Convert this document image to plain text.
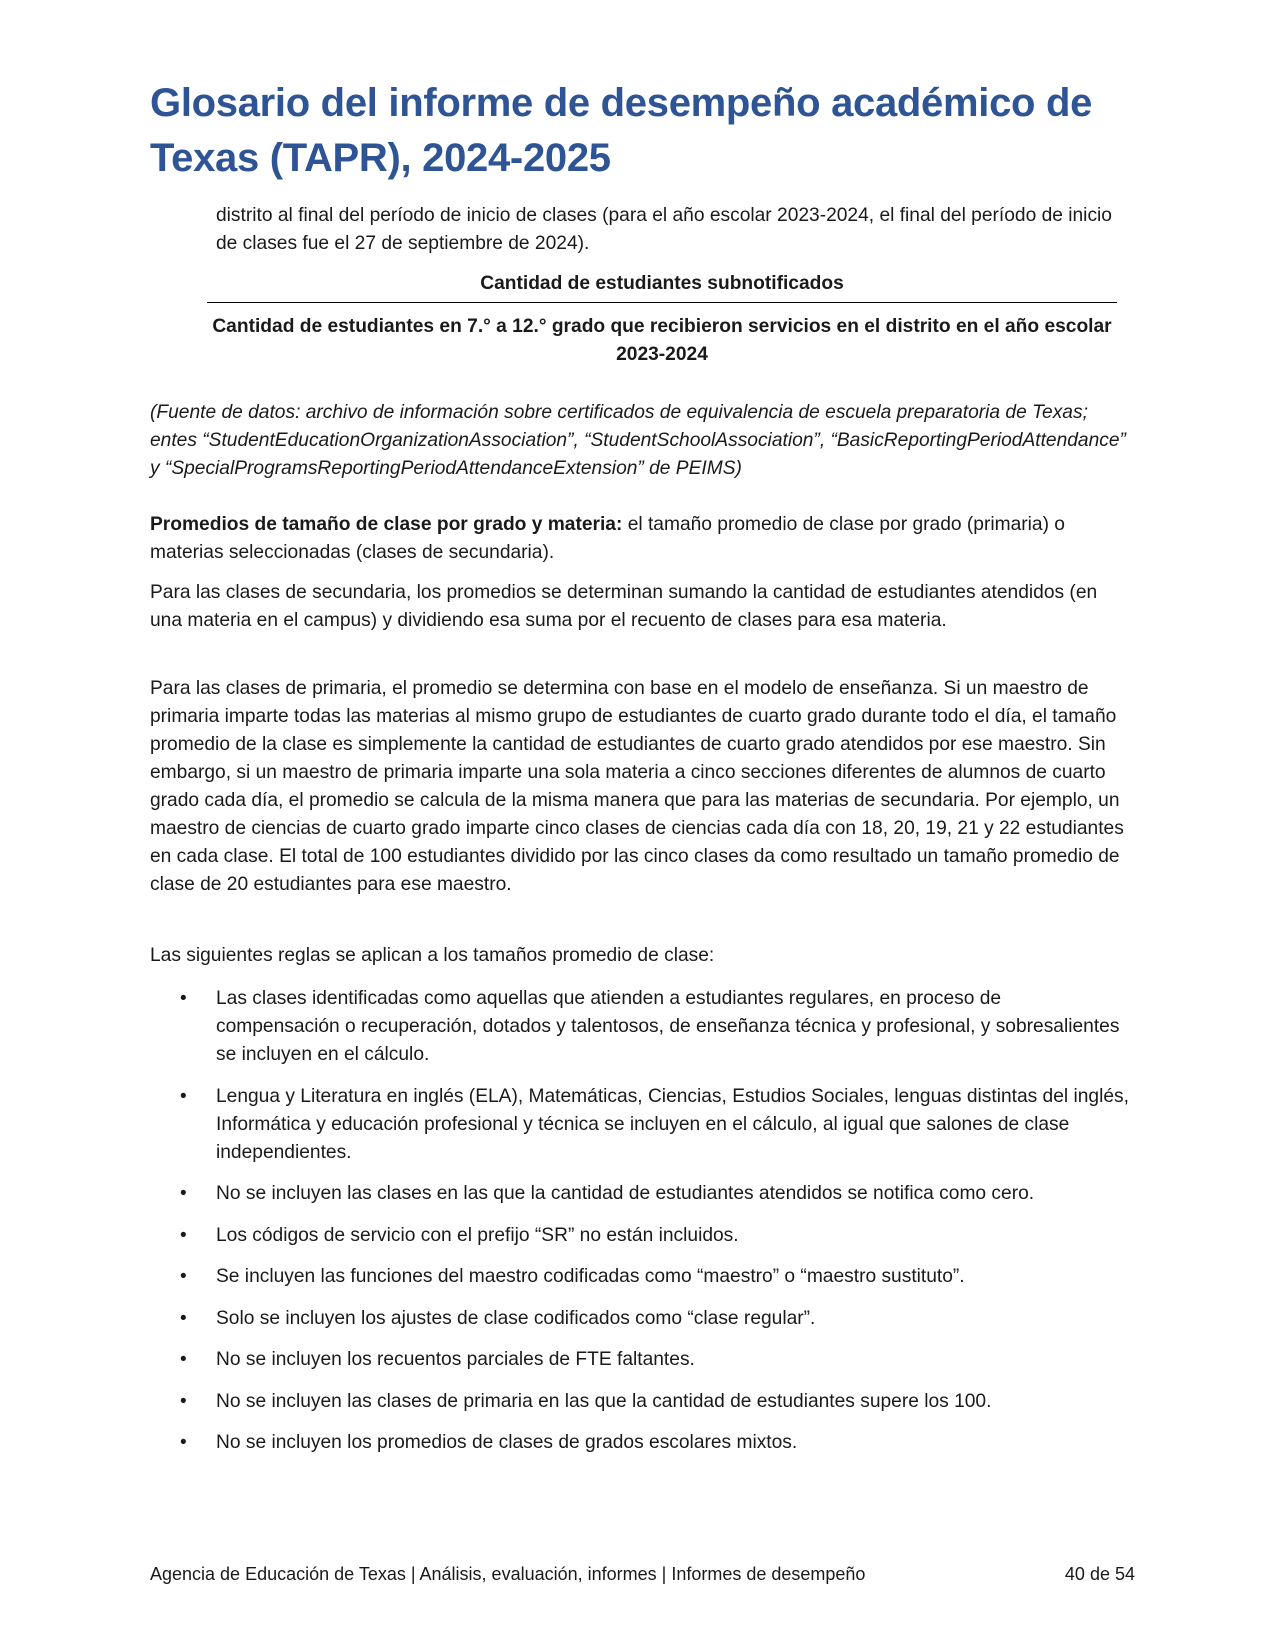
Glosario del informe de desempeño académico de
Texas (TAPR), 2024-2025

distrito al final del período de inicio de clases (para el año escolar 2023-2024, el final del período de inicio de clases fue el 27 de septiembre de 2024).

Cantidad de estudiantes subnotificados
Cantidad de estudiantes en 7.° a 12.° grado que recibieron servicios en el distrito en el año escolar 2023-2024

(Fuente de datos: archivo de información sobre certificados de equivalencia de escuela preparatoria de Texas; entes “StudentEducationOrganizationAssociation”, “StudentSchoolAssociation”, “BasicReportingPeriodAttendance” y “SpecialProgramsReportingPeriodAttendanceExtension” de PEIMS)

Promedios de tamaño de clase por grado y materia: el tamaño promedio de clase por grado (primaria) o materias seleccionadas (clases de secundaria).

Para las clases de secundaria, los promedios se determinan sumando la cantidad de estudiantes atendidos (en una materia en el campus) y dividiendo esa suma por el recuento de clases para esa materia.

Para las clases de primaria, el promedio se determina con base en el modelo de enseñanza. Si un maestro de primaria imparte todas las materias al mismo grupo de estudiantes de cuarto grado durante todo el día, el tamaño promedio de la clase es simplemente la cantidad de estudiantes de cuarto grado atendidos por ese maestro. Sin embargo, si un maestro de primaria imparte una sola materia a cinco secciones diferentes de alumnos de cuarto grado cada día, el promedio se calcula de la misma manera que para las materias de secundaria. Por ejemplo, un maestro de ciencias de cuarto grado imparte cinco clases de ciencias cada día con 18, 20, 19, 21 y 22 estudiantes en cada clase. El total de 100 estudiantes dividido por las cinco clases da como resultado un tamaño promedio de clase de 20 estudiantes para ese maestro.

Las siguientes reglas se aplican a los tamaños promedio de clase:

• Las clases identificadas como aquellas que atienden a estudiantes regulares, en proceso de compensación o recuperación, dotados y talentosos, de enseñanza técnica y profesional, y sobresalientes se incluyen en el cálculo.
• Lengua y Literatura en inglés (ELA), Matemáticas, Ciencias, Estudios Sociales, lenguas distintas del inglés, Informática y educación profesional y técnica se incluyen en el cálculo, al igual que salones de clase independientes.
• No se incluyen las clases en las que la cantidad de estudiantes atendidos se notifica como cero.
• Los códigos de servicio con el prefijo “SR” no están incluidos.
• Se incluyen las funciones del maestro codificadas como “maestro” o “maestro sustituto”.
• Solo se incluyen los ajustes de clase codificados como “clase regular”.
• No se incluyen los recuentos parciales de FTE faltantes.
• No se incluyen las clases de primaria en las que la cantidad de estudiantes supere los 100.
• No se incluyen los promedios de clases de grados escolares mixtos.
Agencia de Educación de Texas | Análisis, evaluación, informes | Informes de desempeño	40 de 54
